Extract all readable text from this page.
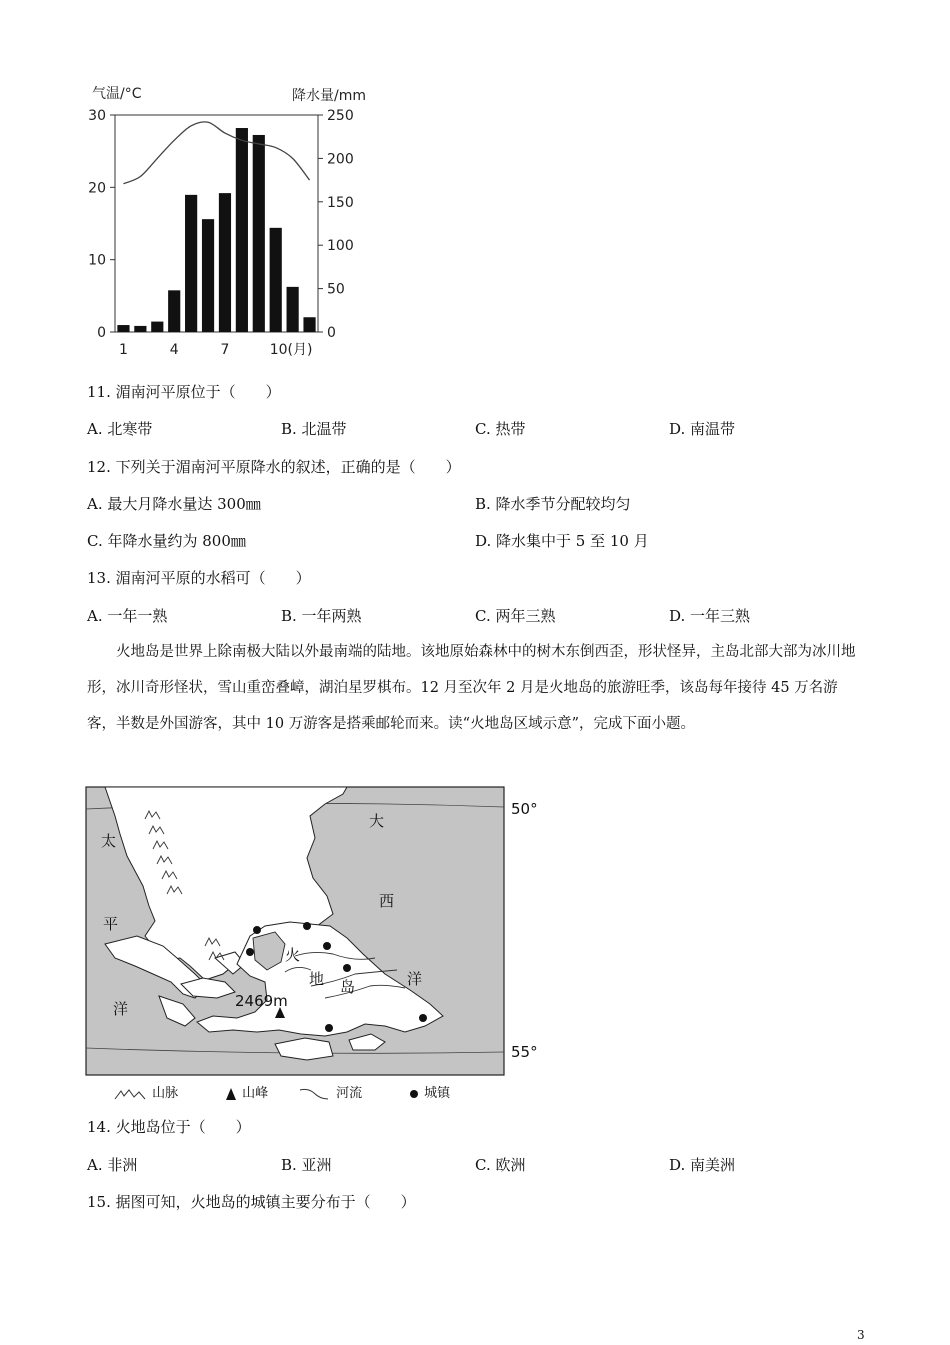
气温/°C	降水量/mm
30
20
10
0
250
200
150
100
50
0
1	4	7	10(月)
11. 湄南河平原位于（　　）
A. 北寒带	B. 北温带	C. 热带	D. 南温带
12. 下列关于湄南河平原降水的叙述，正确的是（　　）
A. 最大月降水量达 300㎜	B. 降水季节分配较均匀
C. 年降水量约为 800㎜	D. 降水集中于 5 至 10 月
13. 湄南河平原的水稻可（　　）
A. 一年一熟	B. 一年两熟	C. 两年三熟	D. 一年三熟
火地岛是世界上除南极大陆以外最南端的陆地。该地原始森林中的树木东倒西歪，形状怪异，主岛北部大部为冰川地形，冰川奇形怪状，雪山重峦叠嶂，湖泊星罗棋布。12 月至次年 2 月是火地岛的旅游旺季，该岛每年接待 45 万名游客，半数是外国游客，其中 10 万游客是搭乘邮轮而来。读“火地岛区域示意”，完成下面小题。
2469m
太
平
洋
大
西
洋
火
地 岛
50°
55°
山脉	山峰	河流	城镇
14. 火地岛位于（　　）
A. 非洲	B. 亚洲	C. 欧洲	D. 南美洲
15. 据图可知，火地岛的城镇主要分布于（　　）
3
